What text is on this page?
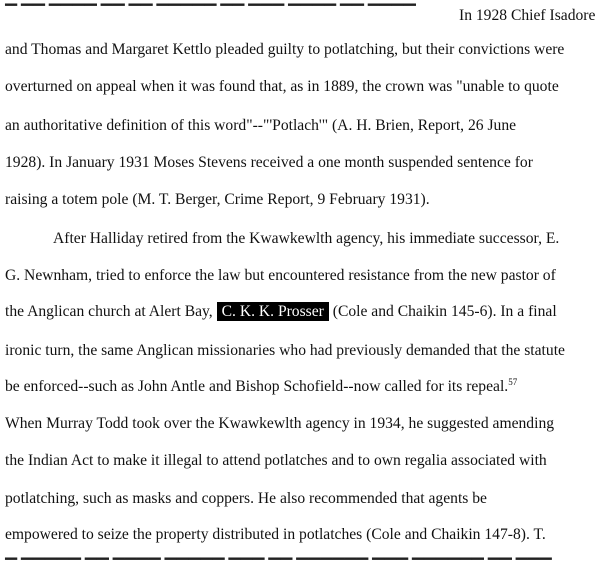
In 1928 Chief Isadore
and Thomas and Margaret Kettlo pleaded guilty to potlatching, but their convictions were
overturned on appeal when it was found that, as in 1889, the crown was "unable to quote
an authoritative definition of this word"--"'Potlach'" (A. H. Brien, Report, 26 June
1928). In January 1931 Moses Stevens received a one month suspended sentence for
raising a totem pole (M. T. Berger, Crime Report, 9 February 1931).
After Halliday retired from the Kwawkewlth agency, his immediate successor, E.
G. Newnham, tried to enforce the law but encountered resistance from the new pastor of
the Anglican church at Alert Bay, C. K. K. Prosser (Cole and Chaikin 145-6). In a final
ironic turn, the same Anglican missionaries who had previously demanded that the statute
be enforced--such as John Antle and Bishop Schofield--now called for its repeal.$^{57}$
When Murray Todd took over the Kwawkewlth agency in 1934, he suggested amending
the Indian Act to make it illegal to attend potlatches and to own regalia associated with
potlatching, such as masks and coppers. He also recommended that agents be
empowered to seize the property distributed in potlatches (Cole and Chaikin 147-8). T.
▔ ▔▔▔▔▔ ▔▔ ▔▔▔▔ ▔▔▔▔▔ ▔▔▔ ▔▔ ▔▔▔▔▔▔ ▔▔▔ ▔▔▔▔▔▔ ▔▔ ▔▔▔
